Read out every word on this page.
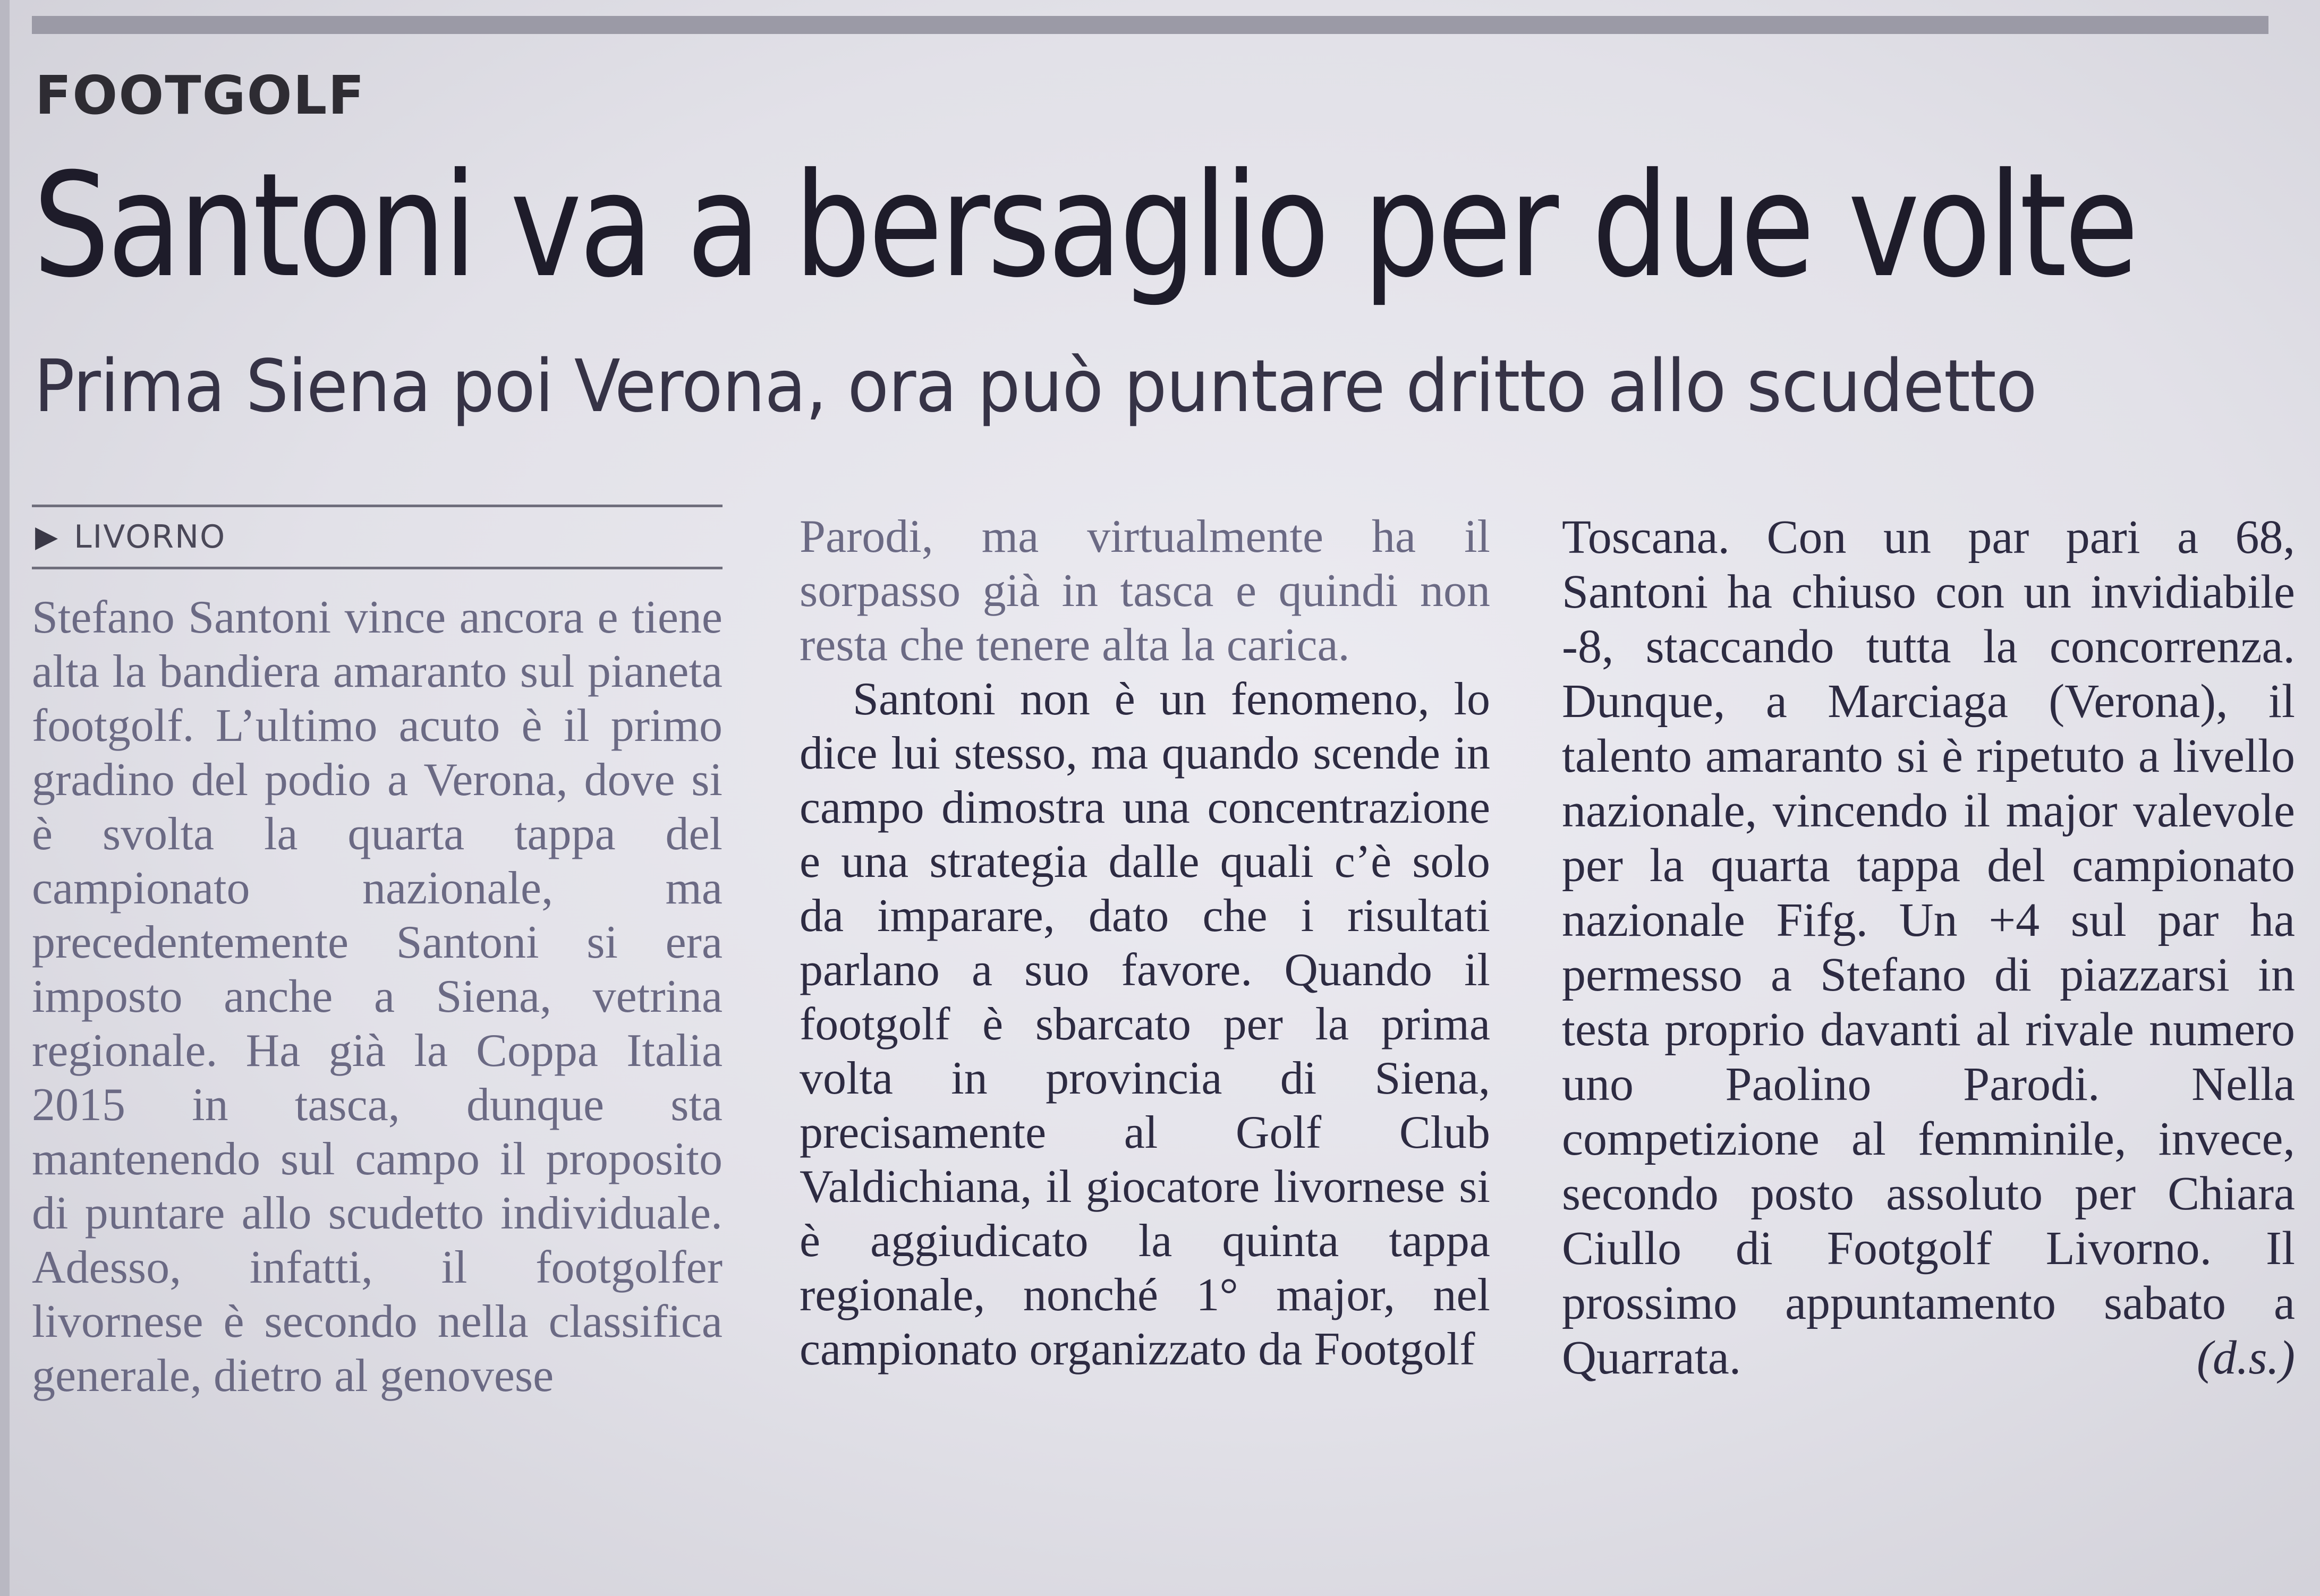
FOOTGOLF
Santoni va a bersaglio per due volte
Prima Siena poi Verona, ora può puntare dritto allo scudetto
▶ LIVORNO

Stefano Santoni vince ancora e tiene alta la bandiera amaranto sul pianeta footgolf. L’ultimo acuto è il primo gradino del podio a Verona, dove si è svolta la quarta tappa del campionato nazionale, ma precedentemente Santoni si era imposto anche a Siena, vetrina regionale. Ha già la Coppa Italia 2015 in tasca, dunque sta mantenendo sul campo il proposito di puntare allo scudetto individuale. Adesso, infatti, il footgolfer livornese è secondo nella classifica generale, dietro al genovese

Parodi, ma virtualmente ha il sorpasso già in tasca e quindi non resta che tenere alta la carica.

Santoni non è un fenomeno, lo dice lui stesso, ma quando scende in campo dimostra una concentrazione e una strategia dalle quali c’è solo da imparare, dato che i risultati parlano a suo favore. Quando il footgolf è sbarcato per la prima volta in provincia di Siena, precisamente al Golf Club Valdichiana, il giocatore livornese si è aggiudicato la quinta tappa regionale, nonché 1° major, nel campionato organizzato da Footgolf

Toscana. Con un par pari a 68, Santoni ha chiuso con un invidiabile -8, staccando tutta la concorrenza. Dunque, a Marciaga (Verona), il talento amaranto si è ripetuto a livello nazionale, vincendo il major valevole per la quarta tappa del campionato nazionale Fifg. Un +4 sul par ha permesso a Stefano di piazzarsi in testa proprio davanti al rivale numero uno Paolino Parodi. Nella competizione al femminile, invece, secondo posto assoluto per Chiara Ciullo di Footgolf Livorno. Il prossimo appuntamento sabato a Quarrata.	(d.s.)
